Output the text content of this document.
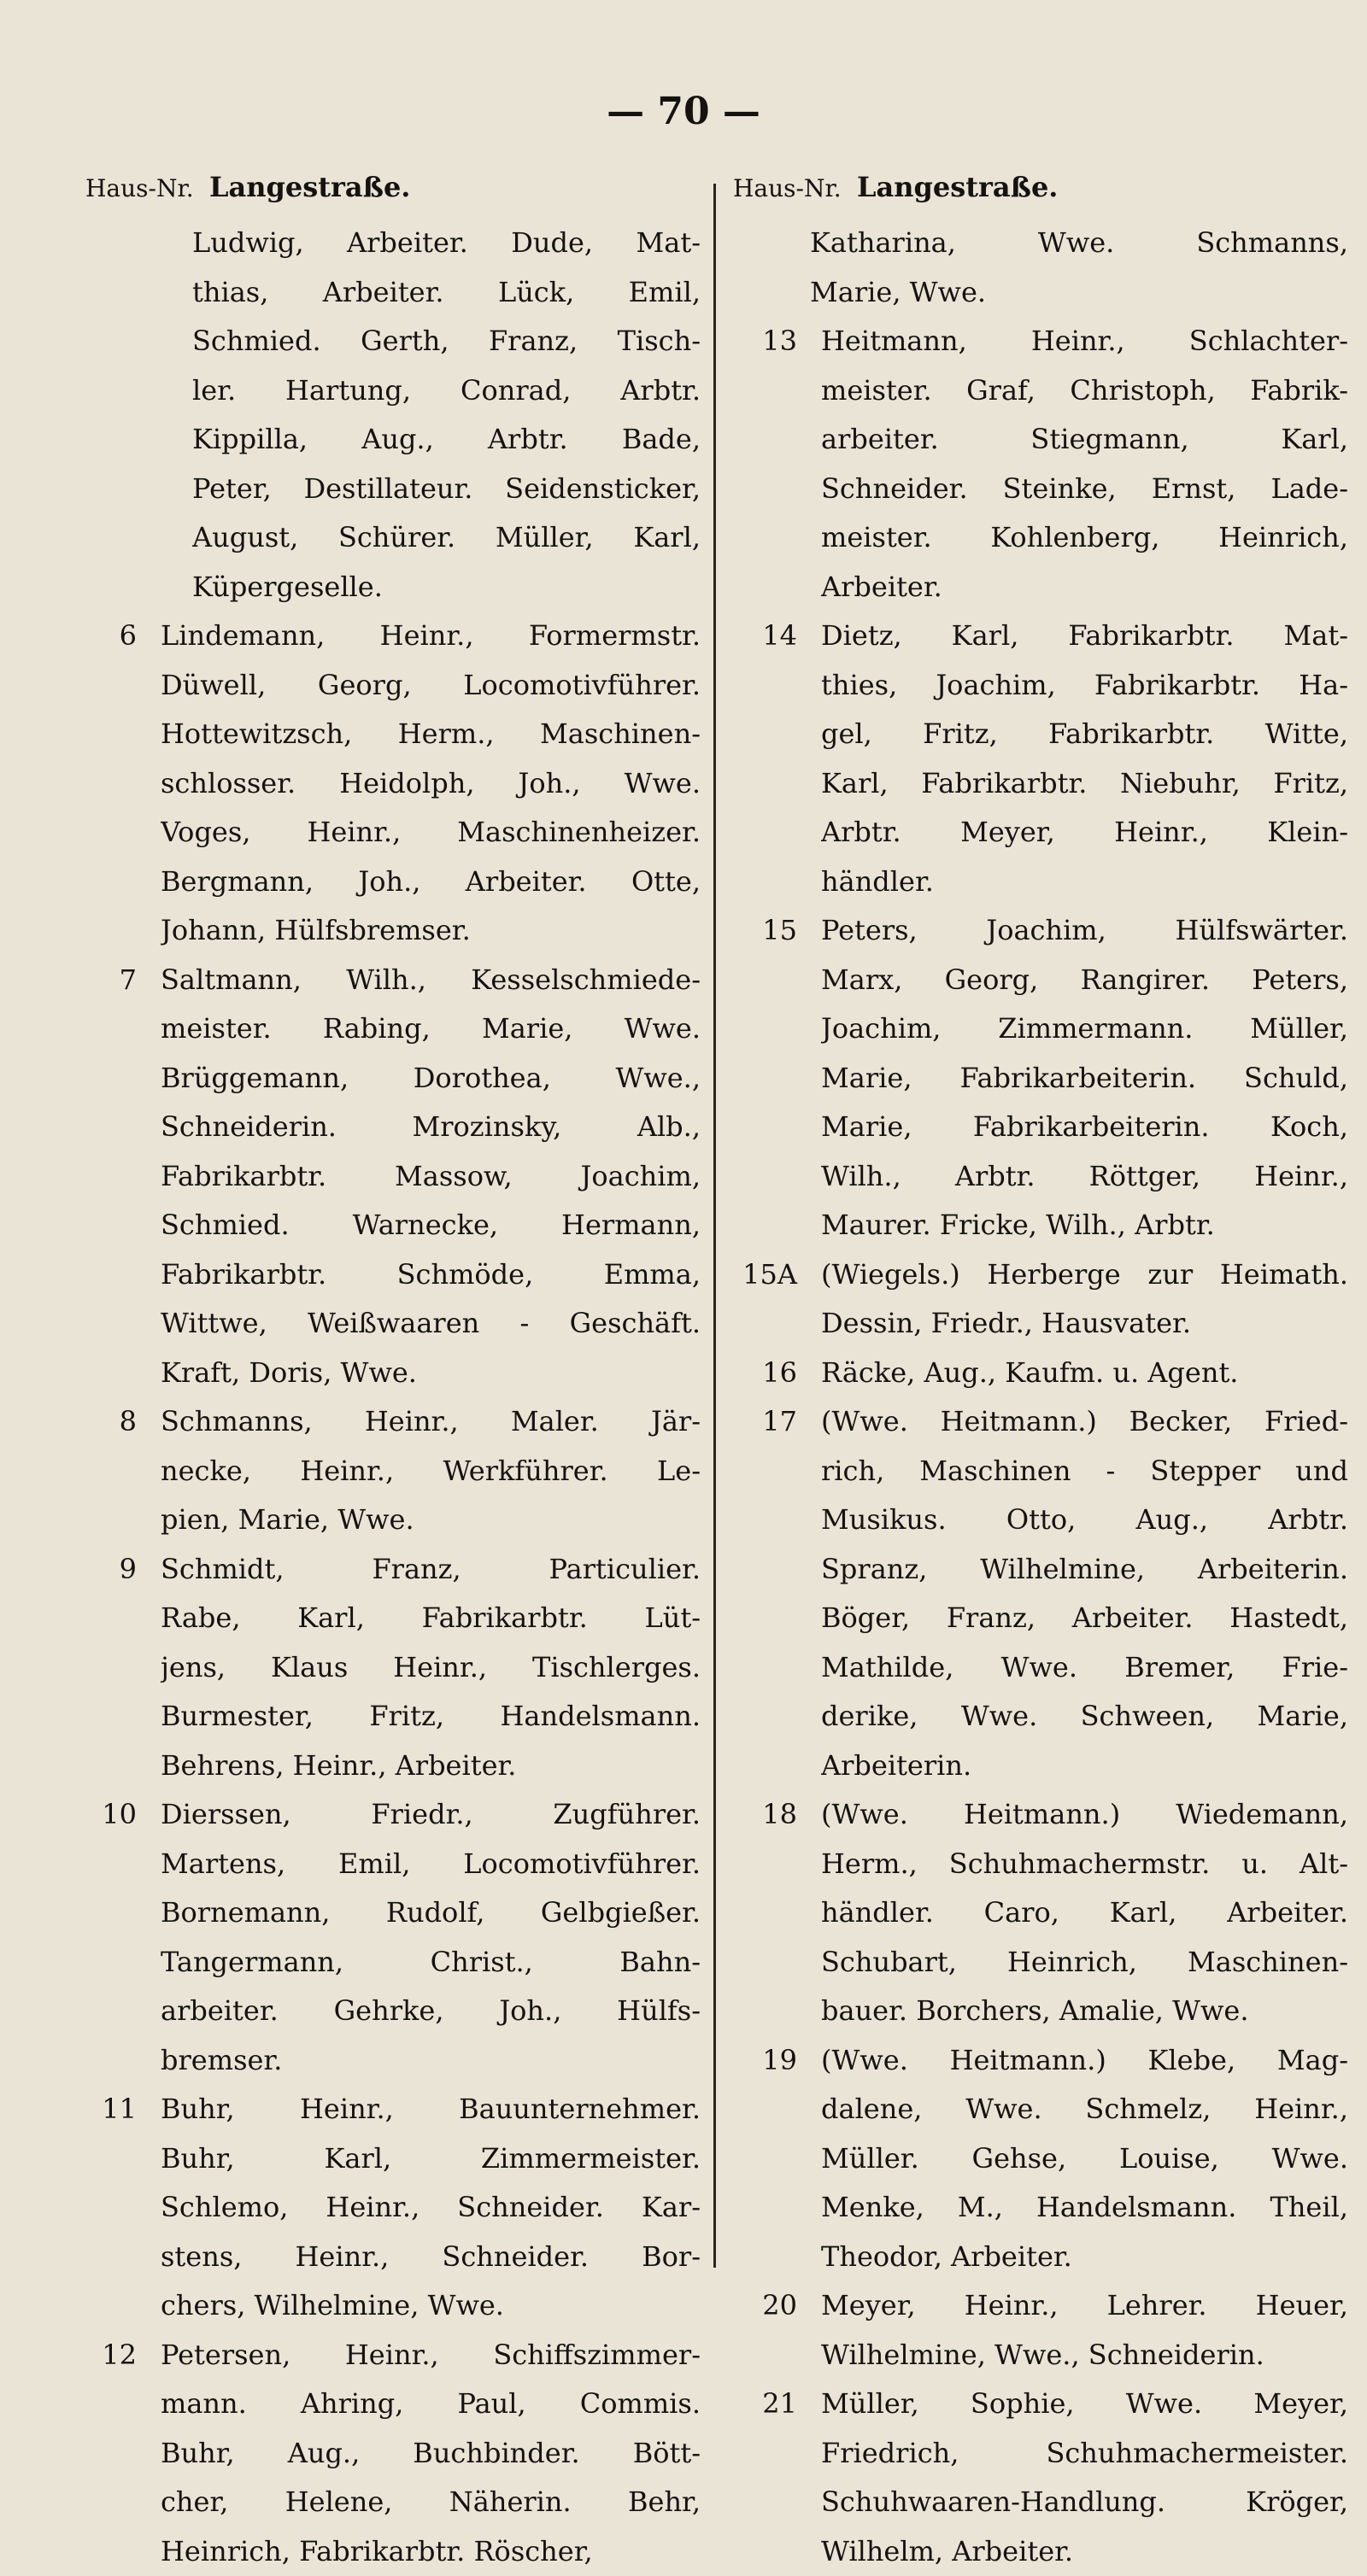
— 70 —
Haus-Nr. Langestraße.
Ludwig, Arbeiter. Dude, Mat-
thias, Arbeiter. Lück, Emil,
Schmied. Gerth, Franz, Tisch-
ler. Hartung, Conrad, Arbtr.
Kippilla, Aug., Arbtr. Bade,
Peter, Destillateur. Seidensticker,
August, Schürer. Müller, Karl,
Küpergeselle.
6 Lindemann, Heinr., Formermstr.
Düwell, Georg, Locomotivführer.
Hottewitzsch, Herm., Maschinen-
schlosser. Heidolph, Joh., Wwe.
Voges, Heinr., Maschinenheizer.
Bergmann, Joh., Arbeiter. Otte,
Johann, Hülfsbremser.
7 Saltmann, Wilh., Kesselschmiede-
meister. Rabing, Marie, Wwe.
Brüggemann, Dorothea, Wwe.,
Schneiderin. Mrozinsky, Alb.,
Fabrikarbtr. Massow, Joachim,
Schmied. Warnecke, Hermann,
Fabrikarbtr. Schmöde, Emma,
Wittwe, Weißwaaren - Geschäft.
Kraft, Doris, Wwe.
8 Schmanns, Heinr., Maler. Jär-
necke, Heinr., Werkführer. Le-
pien, Marie, Wwe.
9 Schmidt, Franz, Particulier.
Rabe, Karl, Fabrikarbtr. Lüt-
jens, Klaus Heinr., Tischlerges.
Burmester, Fritz, Handelsmann.
Behrens, Heinr., Arbeiter.
10 Dierssen, Friedr., Zugführer.
Martens, Emil, Locomotivführer.
Bornemann, Rudolf, Gelbgießer.
Tangermann, Christ., Bahn-
arbeiter. Gehrke, Joh., Hülfs-
bremser.
11 Buhr, Heinr., Bauunternehmer.
Buhr, Karl, Zimmermeister.
Schlemo, Heinr., Schneider. Kar-
stens, Heinr., Schneider. Bor-
chers, Wilhelmine, Wwe.
12 Petersen, Heinr., Schiffszimmer-
mann. Ahring, Paul, Commis.
Buhr, Aug., Buchbinder. Bött-
cher, Helene, Näherin. Behr,
Heinrich, Fabrikarbtr. Röscher,
Haus-Nr. Langestraße.
Katharina, Wwe. Schmanns,
Marie, Wwe.
13 Heitmann, Heinr., Schlachter-
meister. Graf, Christoph, Fabrik-
arbeiter. Stiegmann, Karl,
Schneider. Steinke, Ernst, Lade-
meister. Kohlenberg, Heinrich,
Arbeiter.
14 Dietz, Karl, Fabrikarbtr. Mat-
thies, Joachim, Fabrikarbtr. Ha-
gel, Fritz, Fabrikarbtr. Witte,
Karl, Fabrikarbtr. Niebuhr, Fritz,
Arbtr. Meyer, Heinr., Klein-
händler.
15 Peters, Joachim, Hülfswärter.
Marx, Georg, Rangirer. Peters,
Joachim, Zimmermann. Müller,
Marie, Fabrikarbeiterin. Schuld,
Marie, Fabrikarbeiterin. Koch,
Wilh., Arbtr. Röttger, Heinr.,
Maurer. Fricke, Wilh., Arbtr.
15A (Wiegels.) Herberge zur Heimath.
Dessin, Friedr., Hausvater.
16 Räcke, Aug., Kaufm. u. Agent.
17 (Wwe. Heitmann.) Becker, Fried-
rich, Maschinen - Stepper und
Musikus. Otto, Aug., Arbtr.
Spranz, Wilhelmine, Arbeiterin.
Böger, Franz, Arbeiter. Hastedt,
Mathilde, Wwe. Bremer, Frie-
derike, Wwe. Schween, Marie,
Arbeiterin.
18 (Wwe. Heitmann.) Wiedemann,
Herm., Schuhmachermstr. u. Alt-
händler. Caro, Karl, Arbeiter.
Schubart, Heinrich, Maschinen-
bauer. Borchers, Amalie, Wwe.
19 (Wwe. Heitmann.) Klebe, Mag-
dalene, Wwe. Schmelz, Heinr.,
Müller. Gehse, Louise, Wwe.
Menke, M., Handelsmann. Theil,
Theodor, Arbeiter.
20 Meyer, Heinr., Lehrer. Heuer,
Wilhelmine, Wwe., Schneiderin.
21 Müller, Sophie, Wwe. Meyer,
Friedrich, Schuhmachermeister.
Schuhwaaren-Handlung. Kröger,
Wilhelm, Arbeiter.
